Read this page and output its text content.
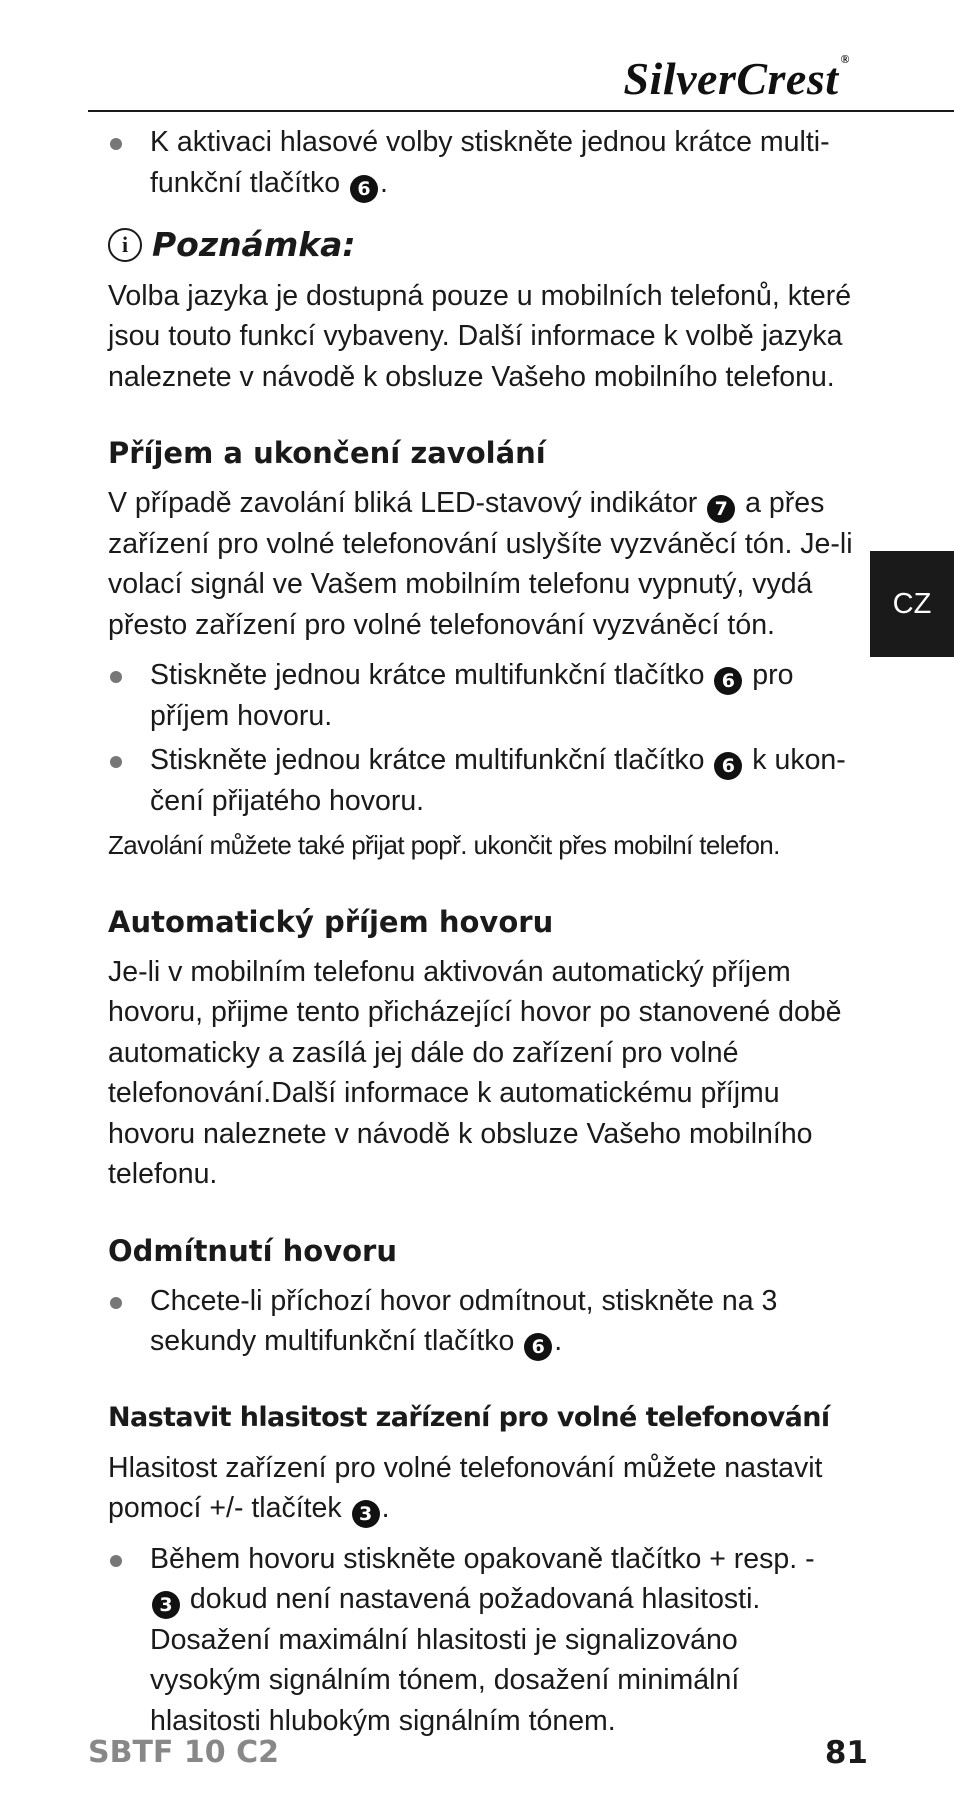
SilverCrest ®
CZ
K aktivaci hlasové volby stiskněte jednou krátce multi-funkční tlačítko 6 .
i Poznámka:

Volba jazyka je dostupná pouze u mobilních telefonů, které jsou touto funkcí vybaveny. Další informace k volbě jazyka naleznete v návodě k obsluze Vašeho mobilního telefonu.

Příjem a ukončení zavolání

V případě zavolání bliká LED-stavový indikátor 7 a přes zařízení pro volné telefonování uslyšíte vyzváněcí tón. Je-li volací signál ve Vašem mobilním telefonu vypnutý, vydá přesto zařízení pro volné telefonování vyzváněcí tón.

Stiskněte jednou krátce multifunkční tlačítko 6 pro příjem hovoru.
Stiskněte jednou krátce multifunkční tlačítko 6 k ukon-čení přijatého hovoru.

Zavolání můžete také přijat popř. ukončit přes mobilní telefon.

Automatický příjem hovoru

Je-li v mobilním telefonu aktivován automatický příjem hovoru, přijme tento přicházející hovor po stanovené době automaticky a zasílá jej dále do zařízení pro volné telefonování.Další informace k automatickému příjmu hovoru naleznete v návodě k obsluze Vašeho mobilního telefonu.

Odmítnutí hovoru
Chcete-li příchozí hovor odmítnout, stiskněte na 3 sekundy multifunkční tlačítko 6 .
Nastavit hlasitost zařízení pro volné telefonování

Hlasitost zařízení pro volné telefonování můžete nastavit pomocí +/- tlačítek 3 .

Během hovoru stiskněte opakovaně tlačítko + resp. - 3 dokud není nastavená požadovaná hlasitosti. Dosažení maximální hlasitosti je signalizováno vysokým signálním tónem, dosažení minimální hlasitosti hlubokým signálním tónem.
SBTF 10 C2	81
